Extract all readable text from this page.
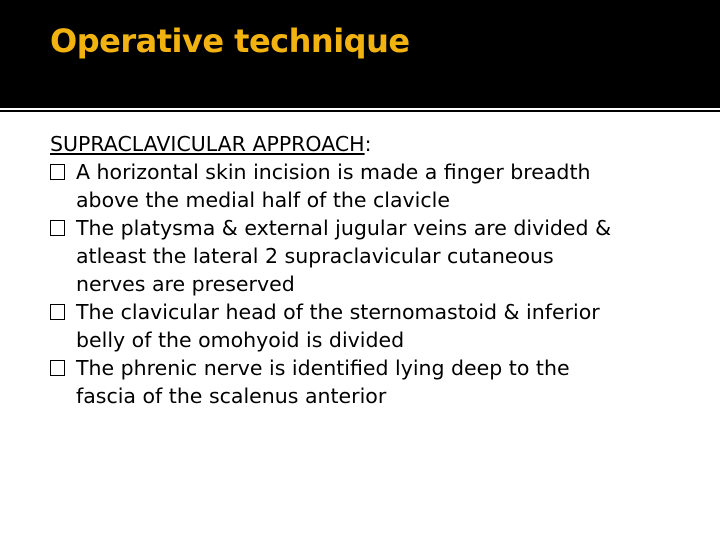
Operative technique

SUPRACLAVICULAR APPROACH:

A horizontal skin incision is made a finger breadth
above the medial half of the clavicle
The platysma & external jugular veins are divided &
atleast the lateral 2 supraclavicular cutaneous
nerves are preserved
The clavicular head of the sternomastoid & inferior
belly of the omohyoid is divided
The phrenic nerve is identified lying deep to the
fascia of the scalenus anterior
